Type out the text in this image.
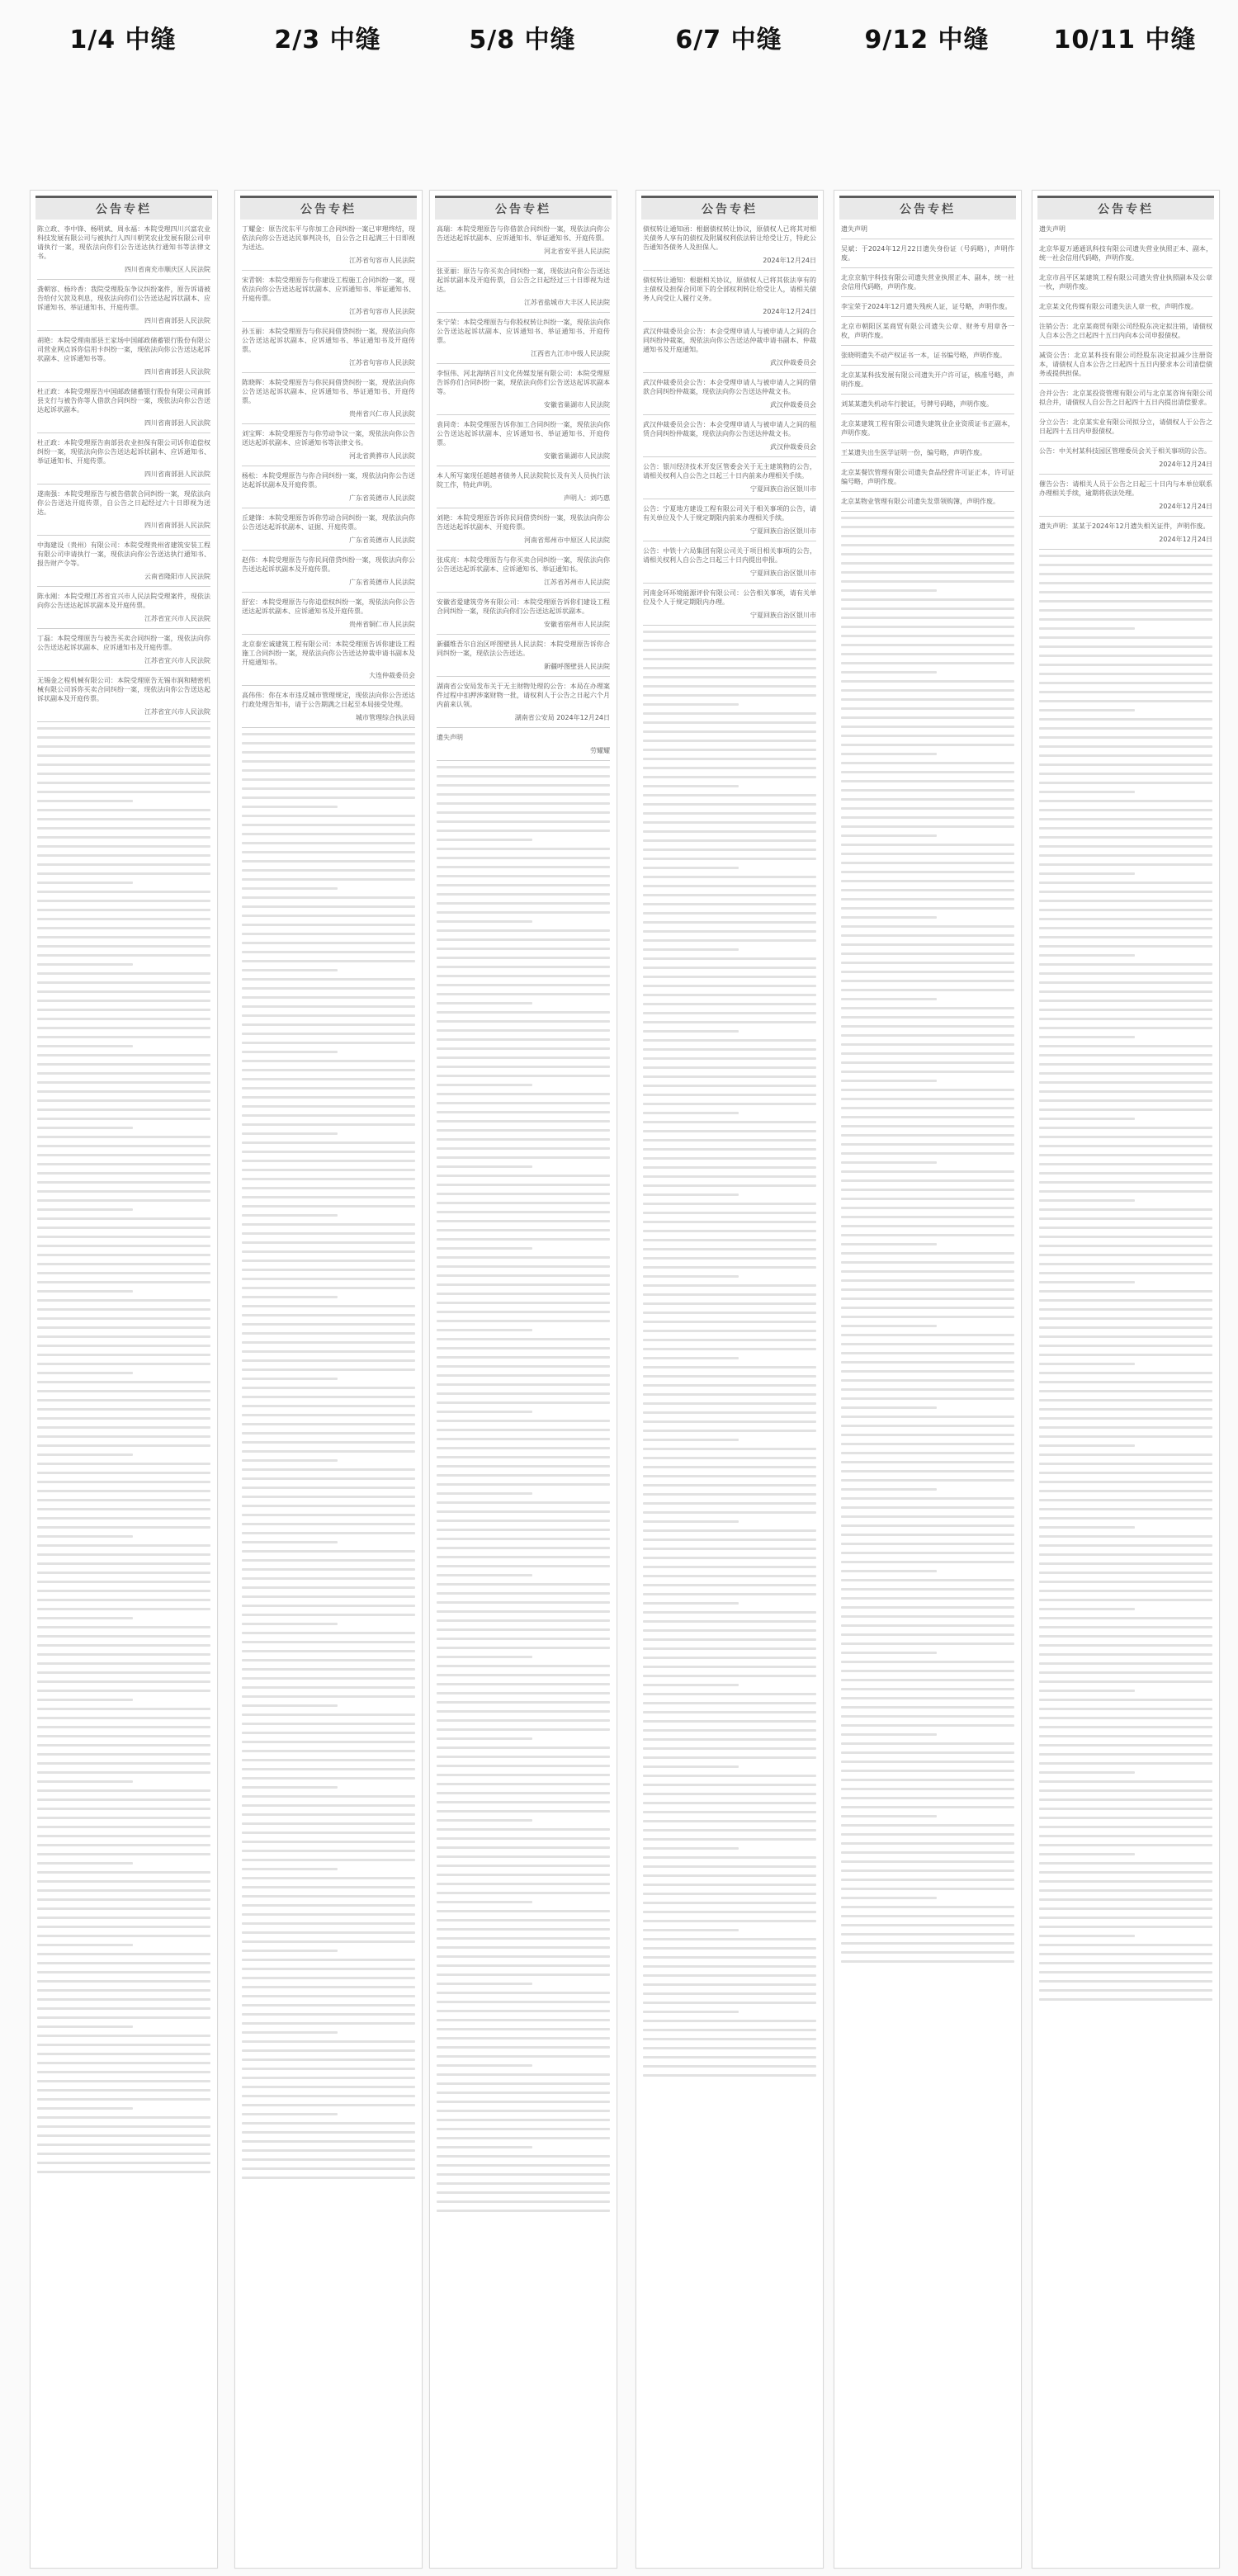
1/4 中缝
公告专栏
陈立政、李中锋、杨明斌、周永福：本院受理四川兴富农业科技发展有限公司与被执行人四川朝笑农业发展有限公司申请执行一案，现依法向你们公告送达执行通知书等法律文书。
四川省南充市顺庆区人民法院
龚朝容、杨玲香：我院受理股东争议纠纷案件，原告诉请被告给付欠款及利息，现依法向你们公告送达起诉状副本、应诉通知书、举证通知书、开庭传票。
四川省南部县人民法院
胡艳：本院受理南部县王家场中国邮政储蓄银行股份有限公司营业网点诉你信用卡纠纷一案，现依法向你公告送达起诉状副本、应诉通知书等。
四川省南部县人民法院
杜正政：本院受理原告中国邮政储蓄银行股份有限公司南部县支行与被告你等人借款合同纠纷一案，现依法向你公告送达起诉状副本。
四川省南部县人民法院
杜正政：本院受理原告南部县农业担保有限公司诉你追偿权纠纷一案，现依法向你公告送达起诉状副本、应诉通知书、举证通知书、开庭传票。
四川省南部县人民法院
遂南强：本院受理原告与被告借款合同纠纷一案，现依法向你公告送达开庭传票，自公告之日起经过六十日即视为送达。
四川省南部县人民法院
中海建设（贵州）有限公司：本院受理贵州省建筑安装工程有限公司申请执行一案，现依法向你公告送达执行通知书、报告财产令等。
云南省隆阳市人民法院
陈永刚：本院受理江苏省宜兴市人民法院受理案件，现依法向你公告送达起诉状副本及开庭传票。
江苏省宜兴市人民法院
丁磊：本院受理原告与被告买卖合同纠纷一案，现依法向你公告送达起诉状副本、应诉通知书及开庭传票。
江苏省宜兴市人民法院
无锡金之程机械有限公司：本院受理原告无锡市润和精密机械有限公司诉你买卖合同纠纷一案，现依法向你公告送达起诉状副本及开庭传票。
江苏省宜兴市人民法院
2/3 中缝
公告专栏
丁耀金：原告沈东平与你加工合同纠纷一案已审理终结，现依法向你公告送达民事判决书，自公告之日起满三十日即视为送达。
江苏省句容市人民法院
宋青钢：本院受理原告与你建设工程施工合同纠纷一案，现依法向你公告送达起诉状副本、应诉通知书、举证通知书、开庭传票。
江苏省句容市人民法院
孙玉丽：本院受理原告与你民间借贷纠纷一案，现依法向你公告送达起诉状副本、应诉通知书、举证通知书及开庭传票。
江苏省句容市人民法院
陈晓晖：本院受理原告与你民间借贷纠纷一案，现依法向你公告送达起诉状副本、应诉通知书、举证通知书、开庭传票。
贵州省兴仁市人民法院
刘宝辉：本院受理原告与你劳动争议一案，现依法向你公告送达起诉状副本、应诉通知书等法律文书。
河北省黄骅市人民法院
杨松：本院受理原告与你合同纠纷一案，现依法向你公告送达起诉状副本及开庭传票。
广东省英德市人民法院
丘建锋：本院受理原告诉你劳动合同纠纷一案，现依法向你公告送达起诉状副本、证据、开庭传票。
广东省英德市人民法院
赵伟：本院受理原告与你民间借贷纠纷一案，现依法向你公告送达起诉状副本及开庭传票。
广东省英德市人民法院
舒宏：本院受理原告与你追偿权纠纷一案，现依法向你公告送达起诉状副本、应诉通知书及开庭传票。
贵州省铜仁市人民法院
北京泰宏诚建筑工程有限公司：本院受理原告诉你建设工程施工合同纠纷一案，现依法向你公告送达仲裁申请书副本及开庭通知书。
大连仲裁委员会
高伟伟：你在本市违反城市管理规定，现依法向你公告送达行政处理告知书，请于公告期满之日起至本局接受处理。
城市管理综合执法局
5/8 中缝
公告专栏
高瑞：本院受理原告与你借款合同纠纷一案，现依法向你公告送达起诉状副本、应诉通知书、举证通知书、开庭传票。
河北省安平县人民法院
张亚丽：原告与你买卖合同纠纷一案，现依法向你公告送达起诉状副本及开庭传票，自公告之日起经过三十日即视为送达。
江苏省盐城市大丰区人民法院
朱宁荣：本院受理原告与你股权转让纠纷一案，现依法向你公告送达起诉状副本、应诉通知书、举证通知书、开庭传票。
江西省九江市中级人民法院
李恒伟、河北海纳百川文化传媒发展有限公司：本院受理原告诉你们合同纠纷一案，现依法向你们公告送达起诉状副本等。
安徽省巢湖市人民法院
袁同奇：本院受理原告诉你加工合同纠纷一案，现依法向你公告送达起诉状副本、应诉通知书、举证通知书、开庭传票。
安徽省巢湖市人民法院
本人所写案现任超越者债务人民法院院长及有关人员执行法院工作，特此声明。
声明人：刘巧惠
刘艳：本院受理原告诉你民间借贷纠纷一案，现依法向你公告送达起诉状副本、开庭传票。
河南省郑州市中原区人民法院
张成亮：本院受理原告与你买卖合同纠纷一案，现依法向你公告送达起诉状副本、应诉通知书、举证通知书。
江苏省苏州市人民法院
安徽省爱建筑劳务有限公司：本院受理原告诉你们建设工程合同纠纷一案，现依法向你们公告送达起诉状副本。
安徽省宿州市人民法院
新疆维吾尔自治区呼图壁县人民法院：本院受理原告诉你合同纠纷一案，现依法公告送达。
新疆呼图壁县人民法院
湖南省公安局发布关于无主财物处理的公告：本局在办理案件过程中扣押涉案财物一批，请权利人于公告之日起六个月内前来认领。
湖南省公安局 2024年12月24日
遗失声明
劳耀耀
6/7 中缝
公告专栏
债权转让通知函：根据债权转让协议，原债权人已将其对相关债务人享有的债权及附属权利依法转让给受让方，特此公告通知各债务人及担保人。
2024年12月24日
债权转让通知：根据相关协议，原债权人已将其依法享有的主债权及担保合同项下的全部权利转让给受让人，请相关债务人向受让人履行义务。
2024年12月24日
武汉仲裁委员会公告：本会受理申请人与被申请人之间的合同纠纷仲裁案，现依法向你公告送达仲裁申请书副本、仲裁通知书及开庭通知。
武汉仲裁委员会
武汉仲裁委员会公告：本会受理申请人与被申请人之间的借款合同纠纷仲裁案，现依法向你公告送达仲裁文书。
武汉仲裁委员会
武汉仲裁委员会公告：本会受理申请人与被申请人之间的租赁合同纠纷仲裁案，现依法向你公告送达仲裁文书。
武汉仲裁委员会
公告：银川经济技术开发区管委会关于无主建筑物的公告，请相关权利人自公告之日起三十日内前来办理相关手续。
宁夏回族自治区银川市
公告：宁夏地方建设工程有限公司关于相关事项的公告，请有关单位及个人于规定期限内前来办理相关手续。
宁夏回族自治区银川市
公告：中铁十六局集团有限公司关于项目相关事项的公告，请相关权利人自公告之日起三十日内提出申报。
宁夏回族自治区银川市
河南金环环境能源评价有限公司：公告相关事项，请有关单位及个人于规定期限内办理。
宁夏回族自治区银川市
9/12 中缝
公告专栏
遗失声明
吴斌：于2024年12月22日遗失身份证（号码略），声明作废。
北京京航宇科技有限公司遗失营业执照正本、副本，统一社会信用代码略，声明作废。
李宝荣于2024年12月遗失残疾人证，证号略，声明作废。
北京市朝阳区某商贸有限公司遗失公章、财务专用章各一枚，声明作废。
张晓明遗失不动产权证书一本，证书编号略，声明作废。
北京某某科技发展有限公司遗失开户许可证，核准号略，声明作废。
刘某某遗失机动车行驶证，号牌号码略，声明作废。
北京某建筑工程有限公司遗失建筑业企业资质证书正副本，声明作废。
王某遗失出生医学证明一份，编号略，声明作废。
北京某餐饮管理有限公司遗失食品经营许可证正本，许可证编号略，声明作废。
北京某物业管理有限公司遗失发票领购簿，声明作废。
10/11 中缝
公告专栏
遗失声明
北京华夏万通通讯科技有限公司遗失营业执照正本、副本，统一社会信用代码略，声明作废。
北京市昌平区某建筑工程有限公司遗失营业执照副本及公章一枚，声明作废。
北京某文化传媒有限公司遗失法人章一枚，声明作废。
注销公告：北京某商贸有限公司经股东决定拟注销，请债权人自本公告之日起四十五日内向本公司申报债权。
减资公告：北京某科技有限公司经股东决定拟减少注册资本，请债权人自本公告之日起四十五日内要求本公司清偿债务或提供担保。
合并公告：北京某投资管理有限公司与北京某咨询有限公司拟合并，请债权人自公告之日起四十五日内提出清偿要求。
分立公告：北京某实业有限公司拟分立，请债权人于公告之日起四十五日内申报债权。
公告：中关村某科技园区管理委员会关于相关事项的公告。
2024年12月24日
催告公告：请相关人员于公告之日起三十日内与本单位联系办理相关手续，逾期将依法处理。
2024年12月24日
遗失声明：某某于2024年12月遗失相关证件，声明作废。
2024年12月24日
